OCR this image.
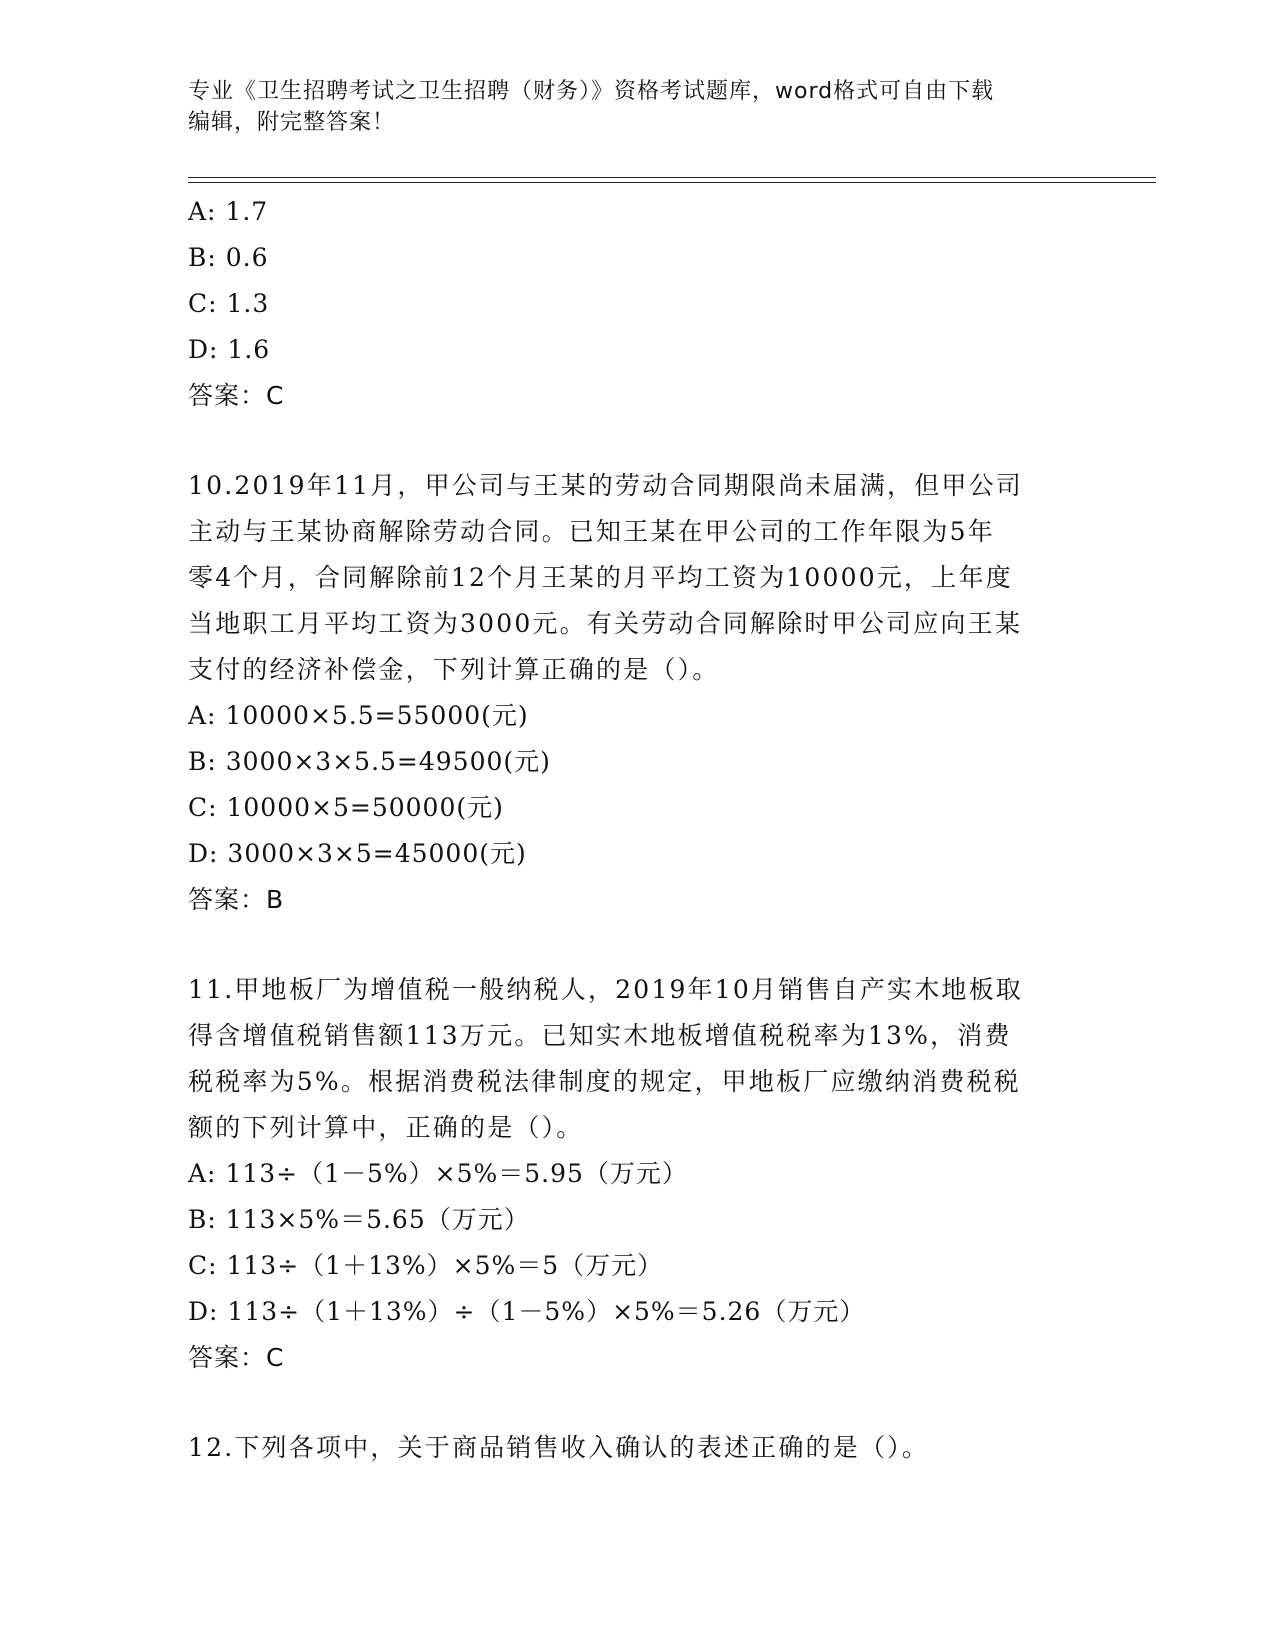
专业《卫生招聘考试之卫生招聘（财务）》资格考试题库，word格式可自由下载
编辑，附完整答案！
A: 1.7
B: 0.6
C: 1.3
D: 1.6
答案：C
10.2019年11月，甲公司与王某的劳动合同期限尚未届满，但甲公司
主动与王某协商解除劳动合同。已知王某在甲公司的工作年限为5年
零4个月，合同解除前12个月王某的月平均工资为10000元，上年度
当地职工月平均工资为3000元。有关劳动合同解除时甲公司应向王某
支付的经济补偿金，下列计算正确的是（）。
A: 10000×5.5=55000(元)
B: 3000×3×5.5=49500(元)
C: 10000×5=50000(元)
D: 3000×3×5=45000(元)
答案：B
11.甲地板厂为增值税一般纳税人，2019年10月销售自产实木地板取
得含增值税销售额113万元。已知实木地板增值税税率为13%，消费
税税率为5%。根据消费税法律制度的规定，甲地板厂应缴纳消费税税
额的下列计算中，正确的是（）。
A: 113÷（1－5%）×5%＝5.95（万元）
B: 113×5%＝5.65（万元）
C: 113÷（1＋13%）×5%＝5（万元）
D: 113÷（1＋13%）÷（1－5%）×5%＝5.26（万元）
答案：C
12.下列各项中，关于商品销售收入确认的表述正确的是（）。
